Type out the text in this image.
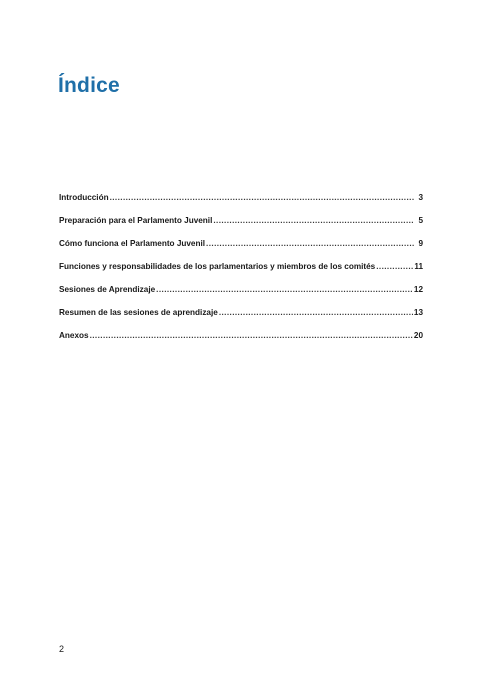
Índice
Introducción .....	3
Preparación para el Parlamento Juvenil .....	5
Cómo funciona el Parlamento Juvenil .....	9
Funciones y responsabilidades de los parlamentarios y miembros de los comités .....	11
Sesiones de Aprendizaje .....	12
Resumen de las sesiones de aprendizaje .....	13
Anexos .....	20
2
